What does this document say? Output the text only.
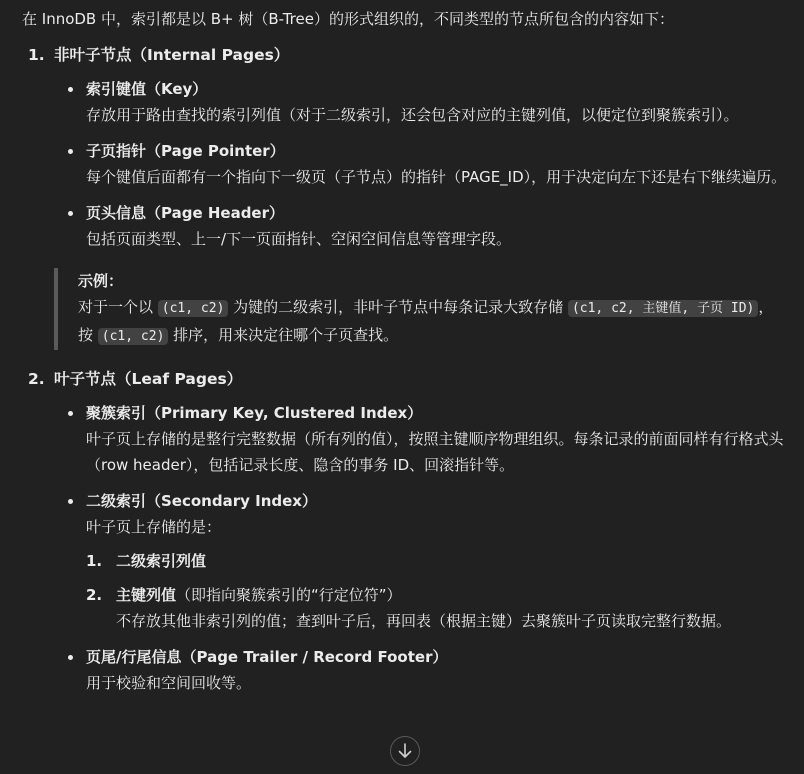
在 InnoDB 中，索引都是以 B+ 树（B-Tree）的形式组织的，不同类型的节点所包含的内容如下：

1. 非叶子节点（Internal Pages）
索引键值（Key）
存放用于路由查找的索引列值（对于二级索引，还会包含对应的主键列值，以便定位到聚簇索引）。
子页指针（Page Pointer）
每个键值后面都有一个指向下一级页（子节点）的指针（PAGE_ID），用于决定向左下还是右下继续遍历。
页头信息（Page Header）
包括页面类型、上一/下一页面指针、空闲空间信息等管理字段。
示例：
对于一个以 (c1, c2) 为键的二级索引，非叶子节点中每条记录大致存储 (c1, c2, 主键值, 子页 ID) ，按 (c1, c2) 排序，用来决定往哪个子页查找。
2. 叶子节点（Leaf Pages）
聚簇索引（Primary Key, Clustered Index）
叶子页上存储的是整行完整数据（所有列的值），按照主键顺序物理组织。每条记录的前面同样有行格式头（row header），包括记录长度、隐含的事务 ID、回滚指针等。
二级索引（Secondary Index）
叶子页上存储的是：
1. 二级索引列值
2. 主键列值（即指向聚簇索引的“行定位符”）
不存放其他非索引列的值；查到叶子后，再回表（根据主键）去聚簇叶子页读取完整行数据。
页尾/行尾信息（Page Trailer / Record Footer）
用于校验和空间回收等。
